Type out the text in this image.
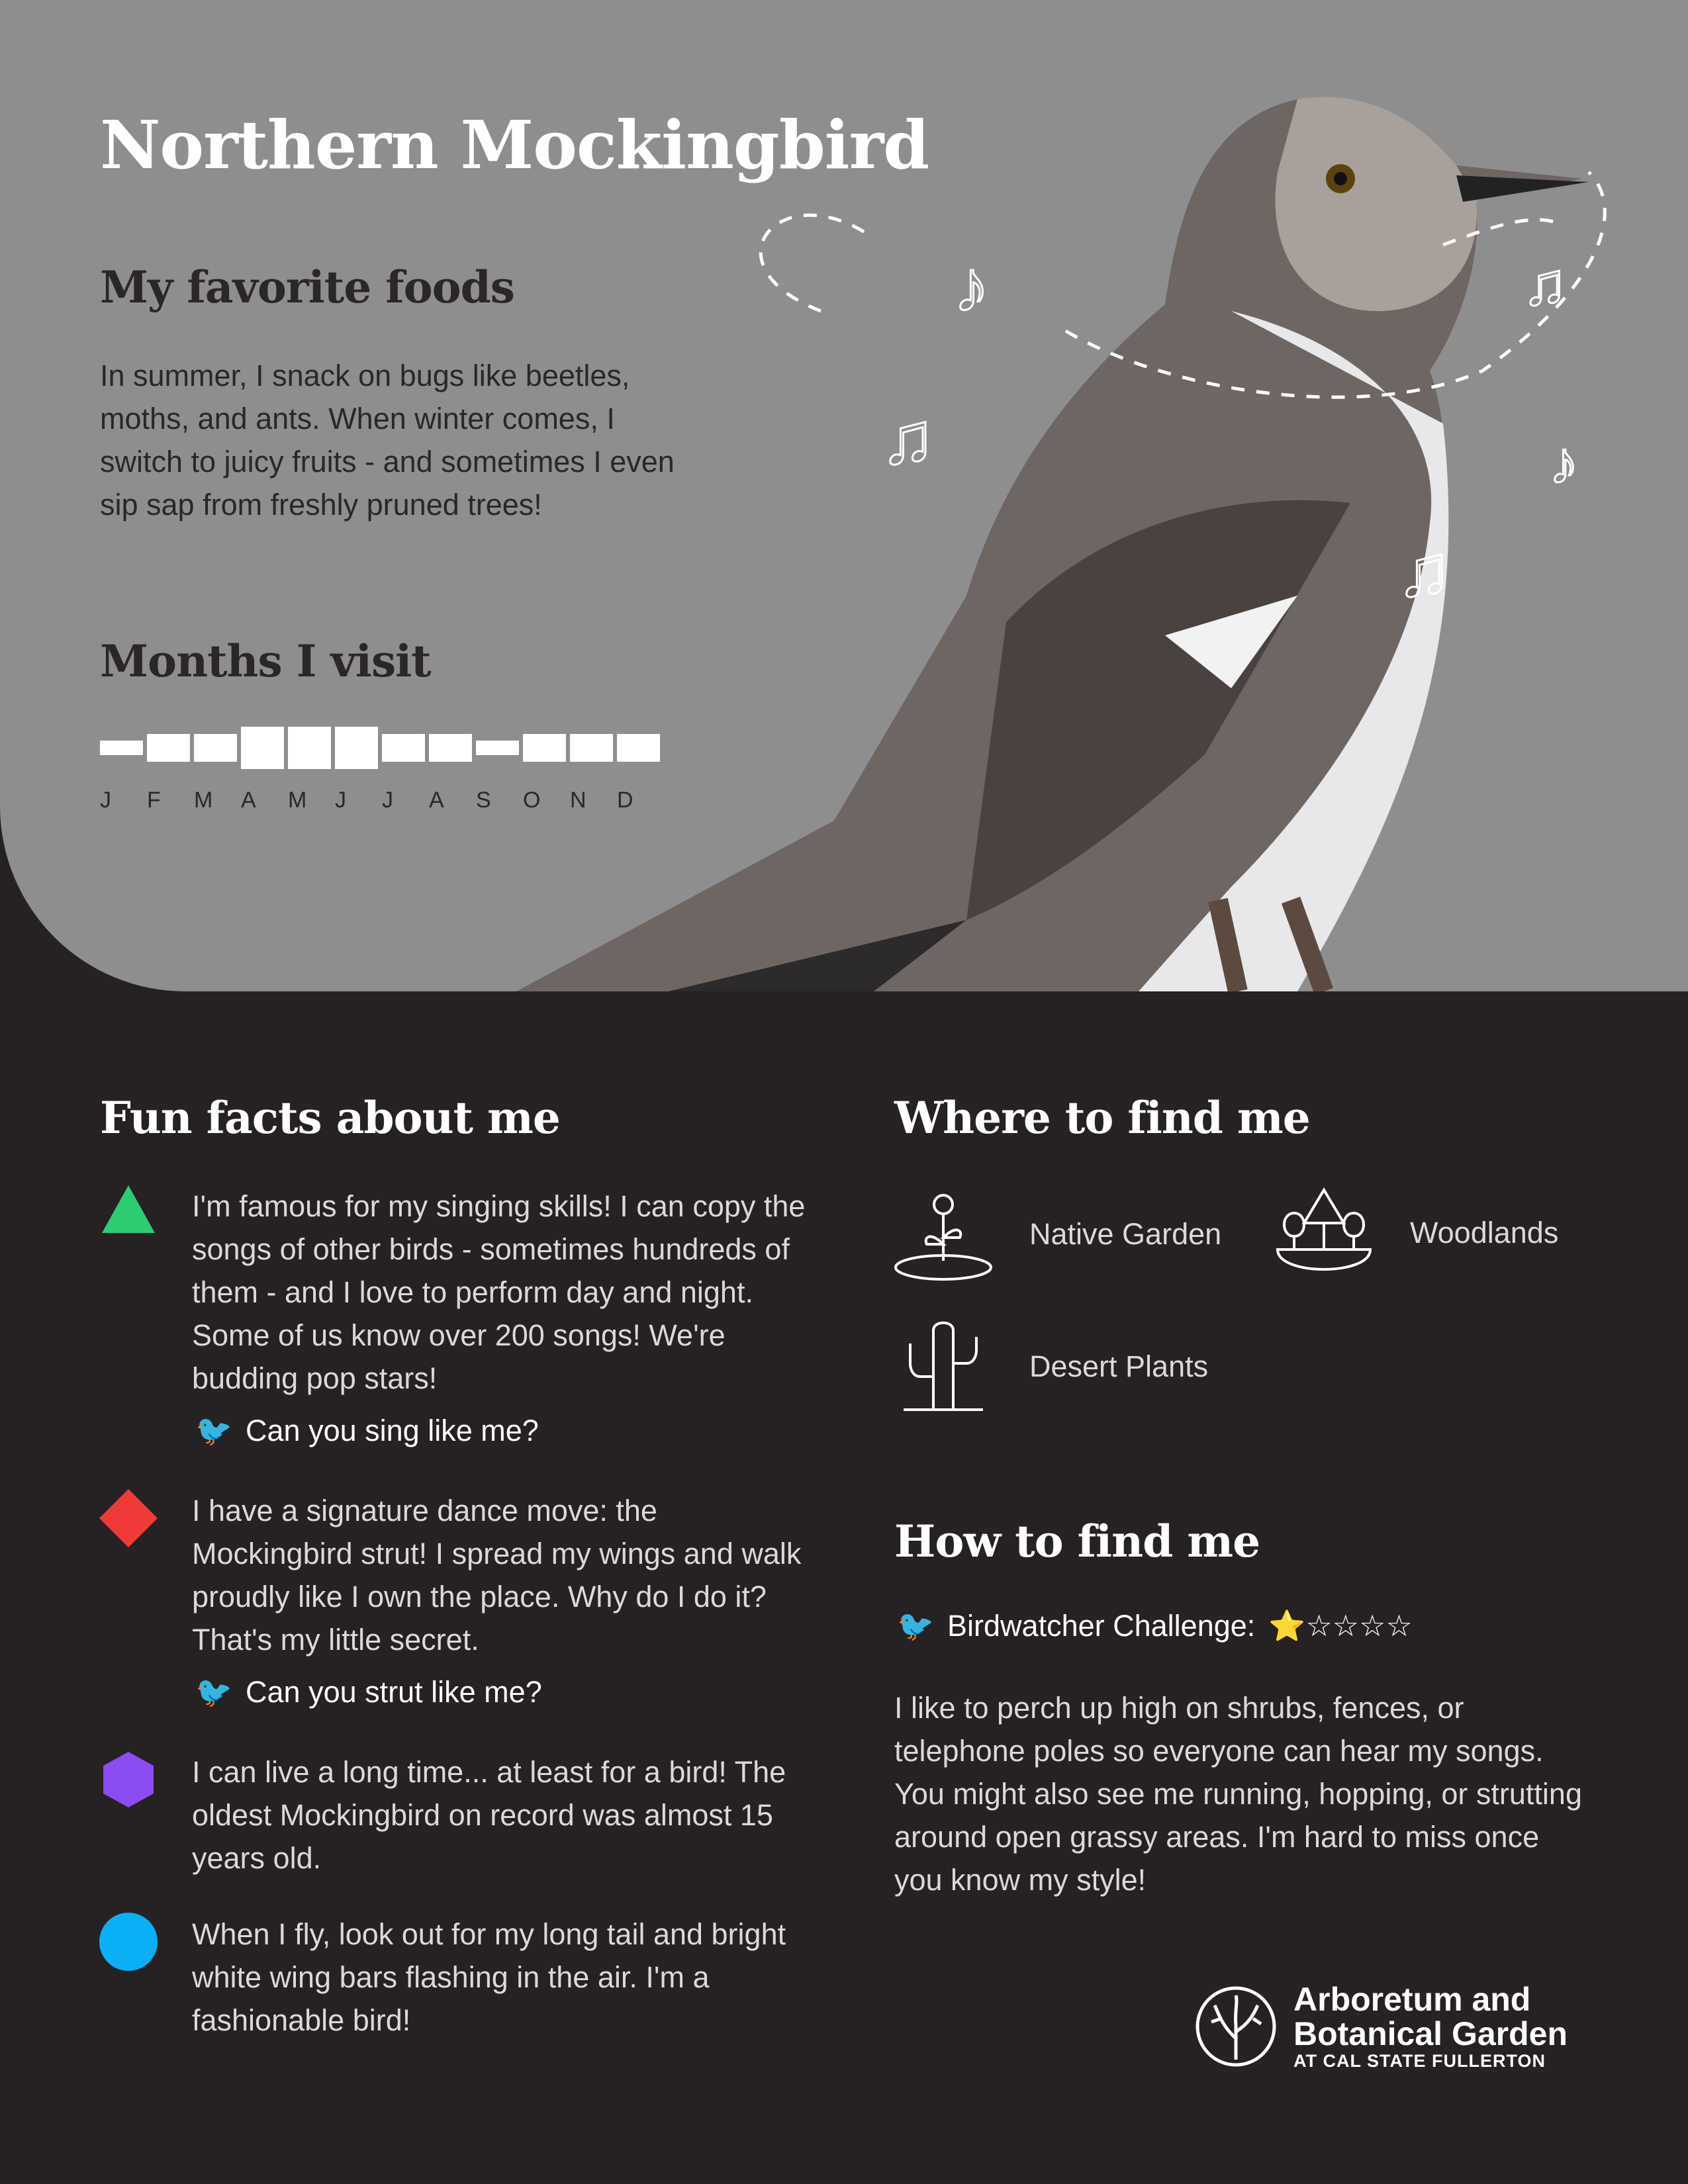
♪
♫
♫
♪
♫
Northern Mockingbird
My favorite foods
In summer, I snack on bugs like beetles, moths, and ants. When winter comes, I switch to juicy fruits - and sometimes I even sip sap from freshly pruned trees!
Months I visit
J	F	M	A	M	J	J	A	S	O	N	D
Fun facts about me
I'm famous for my singing skills! I can copy the songs of other birds - sometimes hundreds of them - and I love to perform day and night. Some of us know over 200 songs! We're budding pop stars!
🐦 Can you sing like me?
I have a signature dance move: the Mockingbird strut! I spread my wings and walk proudly like I own the place. Why do I do it? That's my little secret.
🐦 Can you strut like me?
I can live a long time... at least for a bird! The oldest Mockingbird on record was almost 15 years old.
When I fly, look out for my long tail and bright white wing bars flashing in the air. I'm a fashionable bird!
Where to find me
Native Garden	Woodlands
Desert Plants
How to find me
🐦 Birdwatcher Challenge: ⭐☆☆☆☆
I like to perch up high on shrubs, fences, or telephone poles so everyone can hear my songs. You might also see me running, hopping, or strutting around open grassy areas. I'm hard to miss once you know my style!
Arboretum and
Botanical Garden
AT CAL STATE FULLERTON
